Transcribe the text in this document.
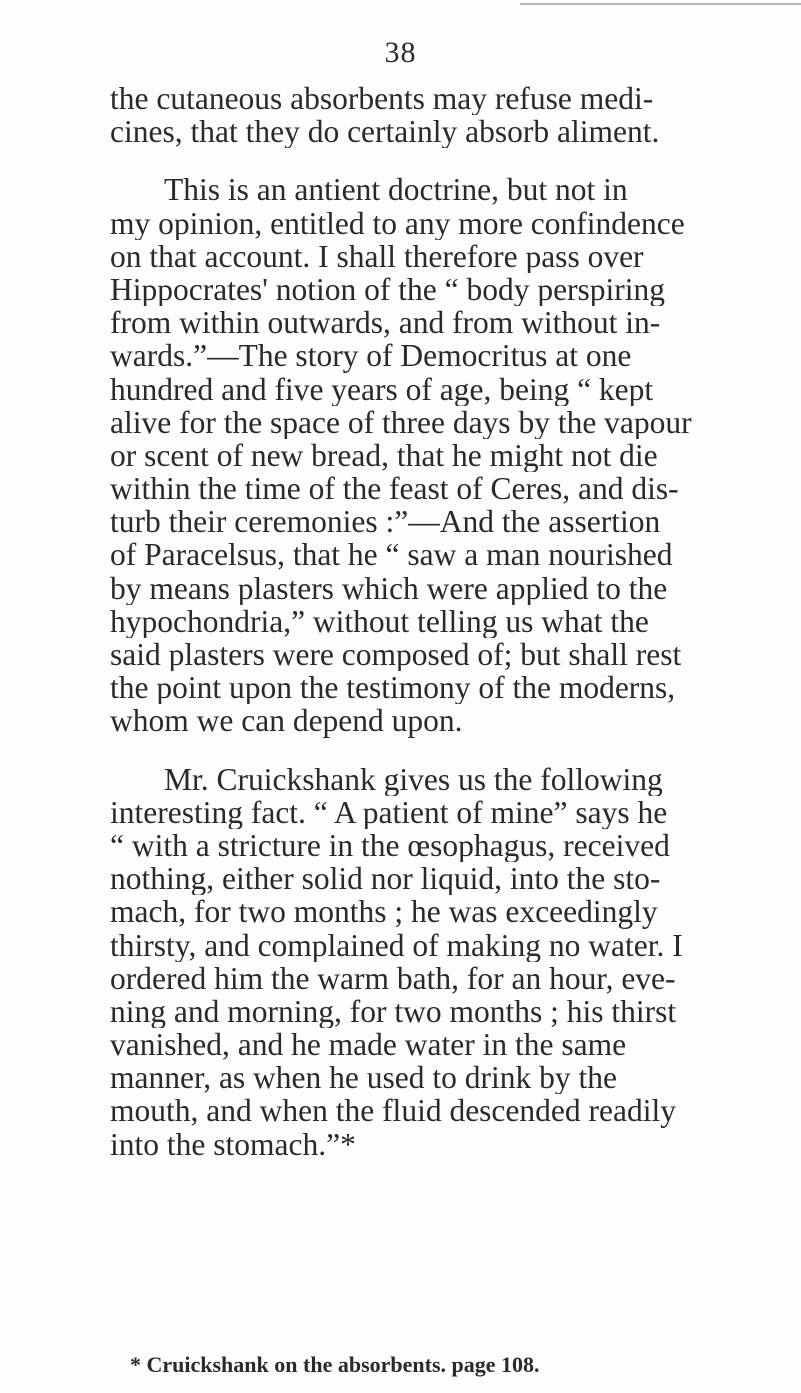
38
the cutaneous absorbents may refuse medi-
cines, that they do certainly absorb aliment.
This is an antient doctrine, but not in
my opinion, entitled to any more confindence
on that account. I shall therefore pass over
Hippocrates' notion of the “ body perspiring
from within outwards, and from without in-
wards.”—The story of Democritus at one
hundred and five years of age, being “ kept
alive for the space of three days by the vapour
or scent of new bread, that he might not die
within the time of the feast of Ceres, and dis-
turb their ceremonies :”—And the assertion
of Paracelsus, that he “ saw a man nourished
by means plasters which were applied to the
hypochondria,” without telling us what the
said plasters were composed of; but shall rest
the point upon the testimony of the moderns,
whom we can depend upon.
Mr. Cruickshank gives us the following
interesting fact. “ A patient of mine” says he
“ with a stricture in the œsophagus, received
nothing, either solid nor liquid, into the sto-
mach, for two months ; he was exceedingly
thirsty, and complained of making no water. I
ordered him the warm bath, for an hour, eve-
ning and morning, for two months ; his thirst
vanished, and he made water in the same
manner, as when he used to drink by the
mouth, and when the fluid descended readily
into the stomach.”*
* Cruickshank on the absorbents. page 108.
